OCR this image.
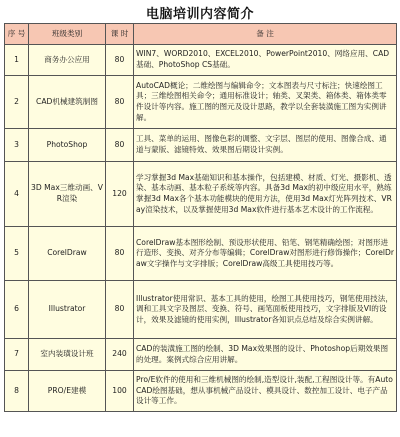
电脑培训内容简介
序 号	班级类别	课 时	备 注
1	商务办公应用	80	WIN7、WORD2010、EXCEL2010、PowerPoint2010、网络应用、CAD基础、PhotoShop CS基础。
2	CAD机械建筑制图	80	AutoCAD概论；二维绘图与编辑命令；文本图表与尺寸标注；快速绘图工具；三维绘图相关命令；通用标准设计；轴类、叉架类、箱体类、箱体类零件设计等内容。施工图的图元及设计思路，教学以全套装潢施工图为实例讲解。
3	PhotoShop	80	工具、菜单的运用、图像色彩的调整、文字层、图层的使用、图像合成、通道与蒙版、滤镜特效、效果图后期设计实例。
4	3D Max三维动画、VR渲染	120	学习掌握3d Max基础知识和基本操作，包括建模、材质、灯光、摄影机、透染、基本动画、基本粒子系统等内容。具备3d Max的初中级应用水平，熟练掌握3d Max各个基本功能模块的使用方法，使用3d Max灯光阵列技术、VRay渲染技术，以及掌握使用3d Max软件进行基本艺术设计的工作流程。
5	CorelDraw	80	CorelDraw基本图形绘制、预设形状使用、铅笔、钢笔精确绘图；对图形进行造形、变换、对齐分布等编辑；CorelDraw对图形进行修饰操作；CorelDraw文字操作与文字排版；CorelDraw高级工具使用技巧等。
6	Illustrator	80	Illustrator使用常识、基本工具的使用，绘图工具使用技巧，钢笔使用技法，调和工具文字及图层、变换、符号、画笔面板使用技巧，文字排版及VI的设计，效果及滤镜的使用实例，Illustrator各知识点总结及综合实例讲解。
7	室内装璜设计班	240	CAD的装潢施工图的绘制、3D Max效果图的设计、Photoshop后期效果图的处理。案例式综合应用讲解。
8	PRO/E建模	100	Pro/E软件的使用和三维机械图的绘制,造型设计,装配,工程图设计等。有AutoCAD绘图基础，想从事机械产品设计、模具设计、数控加工设计、电子产品设计等工作。
